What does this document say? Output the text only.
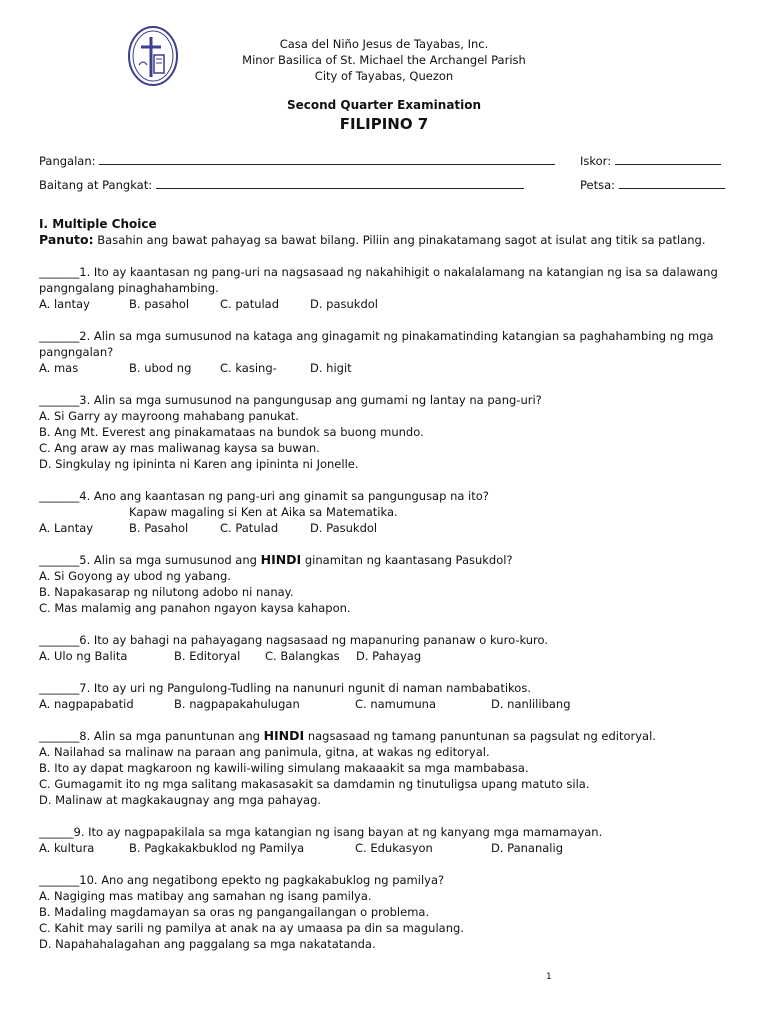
Casa del Niño Jesus de Tayabas, Inc.
Minor Basilica of St. Michael the Archangel Parish
City of Tayabas, Quezon
Second Quarter Examination
FILIPINO 7
Pangalan:	Iskor:
Baitang at Pangkat:	Petsa:
I. Multiple Choice
Panuto: Basahin ang bawat pahayag sa bawat bilang. Piliin ang pinakatamang sagot at isulat ang titik sa patlang.
_______1. Ito ay kaantasan ng pang-uri na nagsasaad ng nakahihigit o nakalalamang na katangian ng isa sa dalawang pangngalang pinaghahambing.
A. lantay	B. pasahol	C. patulad	D. pasukdol
_______2. Alin sa mga sumusunod na kataga ang ginagamit ng pinakamatinding katangian sa paghahambing ng mga pangngalan?
A. mas	B. ubod ng C. kasing-	D. higit
_______3. Alin sa mga sumusunod na pangungusap ang gumami ng lantay na pang-uri?
A. Si Garry ay mayroong mahabang panukat.
B. Ang Mt. Everest ang pinakamataas na bundok sa buong mundo.
C. Ang araw ay mas maliwanag kaysa sa buwan.
D. Singkulay ng ipininta ni Karen ang ipininta ni Jonelle.
_______4. Ano ang kaantasan ng pang-uri ang ginamit sa pangungusap na ito?
Kapaw magaling si Ken at Aika sa Matematika.
A. Lantay	B. Pasahol	C. Patulad	D. Pasukdol
_______5. Alin sa mga sumusunod ang HINDI ginamitan ng kaantasang Pasukdol?
A. Si Goyong ay ubod ng yabang.
B. Napakasarap ng nilutong adobo ni nanay.
C. Mas malamig ang panahon ngayon kaysa kahapon.
_______6. Ito ay bahagi na pahayagang nagsasaad ng mapanuring pananaw o kuro-kuro.
A. Ulo ng Balita	B. Editoryal C. Balangkas D. Pahayag
_______7. Ito ay uri ng Pangulong-Tudling na nanunuri ngunit di naman nambabatikos.
A. nagpapabatid	B. nagpapakahulugan	C. namumuna	D. nanlilibang
_______8. Alin sa mga panuntunan ang HINDI nagsasaad ng tamang panuntunan sa pagsulat ng editoryal.
A. Nailahad sa malinaw na paraan ang panimula, gitna, at wakas ng editoryal.
B. Ito ay dapat magkaroon ng kawili-wiling simulang makaaakit sa mga mambabasa.
C. Gumagamit ito ng mga salitang makasasakit sa damdamin ng tinutuligsa upang matuto sila.
D. Malinaw at magkakaugnay ang mga pahayag.
______9. Ito ay nagpapakilala sa mga katangian ng isang bayan at ng kanyang mga mamamayan.
A. kultura	B. Pagkakakbuklod ng Pamilya	C. Edukasyon	D. Pananalig
_______10. Ano ang negatibong epekto ng pagkakabuklog ng pamilya?
A. Nagiging mas matibay ang samahan ng isang pamilya.
B. Madaling magdamayan sa oras ng pangangailangan o problema.
C. Kahit may sarili ng pamilya at anak na ay umaasa pa din sa magulang.
D. Napahahalagahan ang paggalang sa mga nakatatanda.
1
